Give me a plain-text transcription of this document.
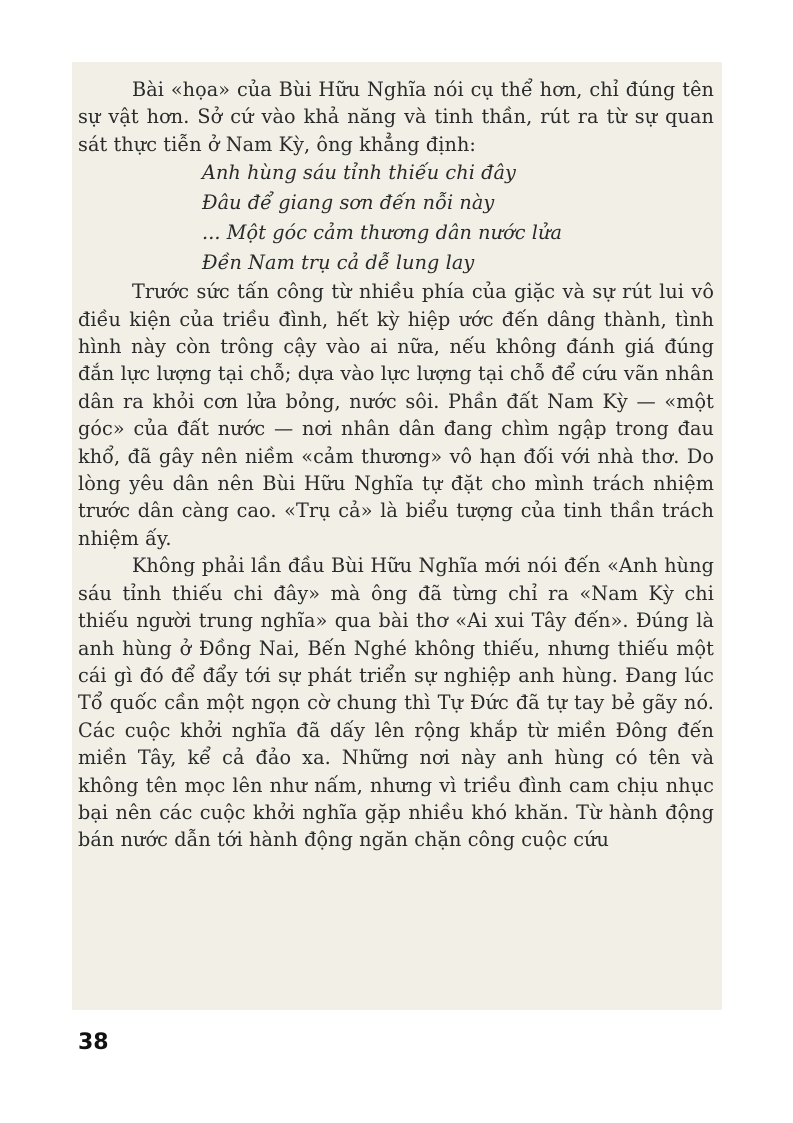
Bài «họa» của Bùi Hữu Nghĩa nói cụ thể hơn, chỉ đúng tên sự vật hơn. Sở cứ vào khả năng và tinh thần, rút ra từ sự quan sát thực tiễn ở Nam Kỳ, ông khẳng định:

Anh hùng sáu tỉnh thiếu chi đây
Đâu để giang sơn đến nỗi này
... Một góc cảm thương dân nước lửa
Đền Nam trụ cả dễ lung lay

Trước sức tấn công từ nhiều phía của giặc và sự rút lui vô điều kiện của triều đình, hết kỳ hiệp ước đến dâng thành, tình hình này còn trông cậy vào ai nữa, nếu không đánh giá đúng đắn lực lượng tại chỗ; dựa vào lực lượng tại chỗ để cứu vãn nhân dân ra khỏi cơn lửa bỏng, nước sôi. Phần đất Nam Kỳ — «một góc» của đất nước — nơi nhân dân đang chìm ngập trong đau khổ, đã gây nên niềm «cảm thương» vô hạn đối với nhà thơ. Do lòng yêu dân nên Bùi Hữu Nghĩa tự đặt cho mình trách nhiệm trước dân càng cao. «Trụ cả» là biểu tượng của tinh thần trách nhiệm ấy.

Không phải lần đầu Bùi Hữu Nghĩa mới nói đến «Anh hùng sáu tỉnh thiếu chi đây» mà ông đã từng chỉ ra «Nam Kỳ chi thiếu người trung nghĩa» qua bài thơ «Ai xui Tây đến». Đúng là anh hùng ở Đồng Nai, Bến Nghé không thiếu, nhưng thiếu một cái gì đó để đẩy tới sự phát triển sự nghiệp anh hùng. Đang lúc Tổ quốc cần một ngọn cờ chung thì Tự Đức đã tự tay bẻ gãy nó. Các cuộc khởi nghĩa đã dấy lên rộng khắp từ miền Đông đến miền Tây, kể cả đảo xa. Những nơi này anh hùng có tên và không tên mọc lên như nấm, nhưng vì triều đình cam chịu nhục bại nên các cuộc khởi nghĩa gặp nhiều khó khăn. Từ hành động bán nước dẫn tới hành động ngăn chặn công cuộc cứu

38
